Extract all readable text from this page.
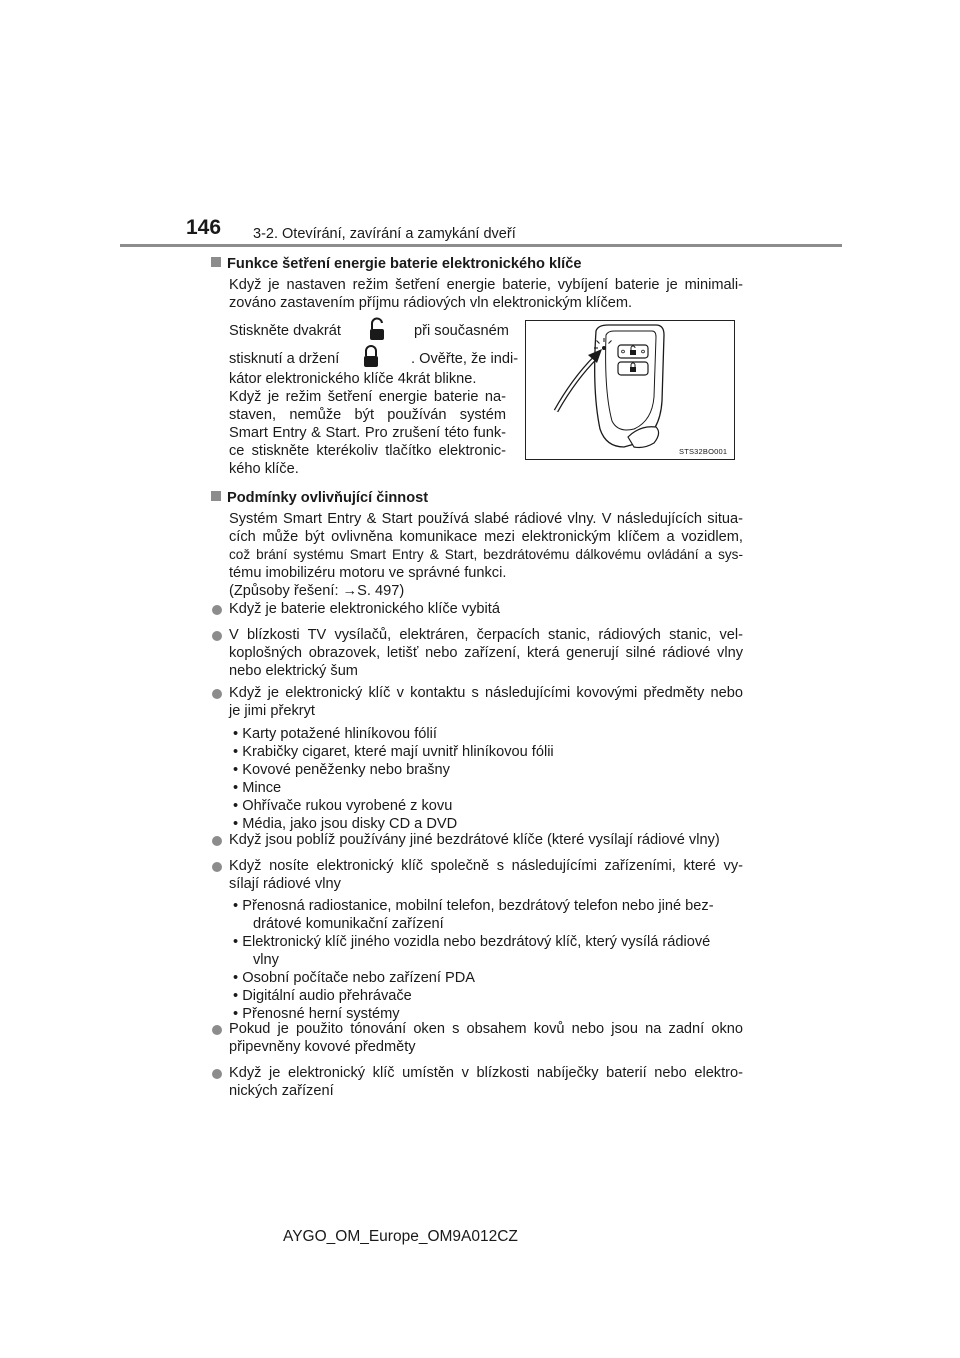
146 3-2. Otevírání, zavírání a zamykání dveří
Funkce šetření energie baterie elektronického klíče
Když je nastaven režim šetření energie baterie, vybíjení baterie je minimali-
zováno zastavením příjmu rádiových vln elektronickým klíčem.
Stiskněte dvakrát	při současném
stisknutí a držení	. Ověřte, že indi-
kátor elektronického klíče 4krát blikne.
Když je režim šetření energie baterie na-
staven, nemůže být používán systém
Smart Entry & Start. Pro zrušení této funk-
ce stiskněte kterékoliv tlačítko elektronic-
kého klíče.
STS32BO001
Podmínky ovlivňující činnost
Systém Smart Entry & Start používá slabé rádiové vlny. V následujících situa-
cích může být ovlivněna komunikace mezi elektronickým klíčem a vozidlem,
což brání systému Smart Entry & Start, bezdrátovému dálkovému ovládání a sys-
tému imobilizéru motoru ve správné funkci.
(Způsoby řešení: →S. 497)
Když je baterie elektronického klíče vybitá
V blízkosti TV vysílačů, elektráren, čerpacích stanic, rádiových stanic, vel-
koplošných obrazovek, letišť nebo zařízení, která generují silné rádiové vlny
nebo elektrický šum
Když je elektronický klíč v kontaktu s následujícími kovovými předměty nebo
je jimi překryt
• Karty potažené hliníkovou fólií
• Krabičky cigaret, které mají uvnitř hliníkovou fólii
• Kovové peněženky nebo brašny
• Mince
• Ohřívače rukou vyrobené z kovu
• Média, jako jsou disky CD a DVD
Když jsou poblíž používány jiné bezdrátové klíče (které vysílají rádiové vlny)
Když nosíte elektronický klíč společně s následujícími zařízeními, které vy-
sílají rádiové vlny
• Přenosná radiostanice, mobilní telefon, bezdrátový telefon nebo jiné bez-
drátové komunikační zařízení
• Elektronický klíč jiného vozidla nebo bezdrátový klíč, který vysílá rádiové
vlny
• Osobní počítače nebo zařízení PDA
• Digitální audio přehrávače
• Přenosné herní systémy
Pokud je použito tónování oken s obsahem kovů nebo jsou na zadní okno
připevněny kovové předměty
Když je elektronický klíč umístěn v blízkosti nabíječky baterií nebo elektro-
nických zařízení
AYGO_OM_Europe_OM9A012CZ
